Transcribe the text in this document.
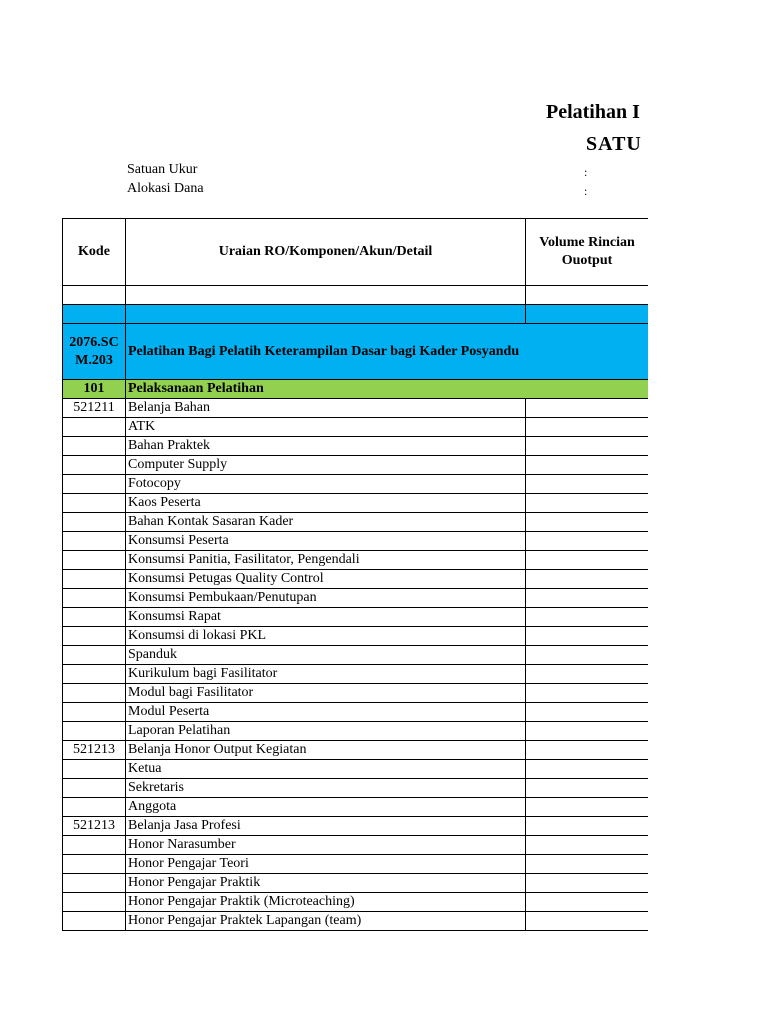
Pelatihan I
SATU
Satuan Ukur	:
Alokasi Dana	:
Kode	Uraian RO/Komponen/Akun/Detail	Volume Rincian Ouotput

2076.SC M.203	Pelatihan Bagi Pelatih Keterampilan Dasar bagi Kader Posyandu	
101	Pelaksanaan Pelatihan	
521211	Belanja Bahan	
	ATK	
	Bahan Praktek	
	Computer Supply	
	Fotocopy	
	Kaos Peserta	
	Bahan Kontak Sasaran Kader	
	Konsumsi Peserta	
	Konsumsi Panitia, Fasilitator, Pengendali	
	Konsumsi Petugas Quality Control	
	Konsumsi Pembukaan/Penutupan	
	Konsumsi Rapat	
	Konsumsi di lokasi PKL	
	Spanduk	
	Kurikulum bagi Fasilitator	
	Modul bagi Fasilitator	
	Modul Peserta	
	Laporan Pelatihan	
521213	Belanja Honor Output Kegiatan	
	Ketua	
	Sekretaris	
	Anggota	
521213	Belanja Jasa Profesi	
	Honor Narasumber	
	Honor Pengajar Teori	
	Honor Pengajar Praktik	
	Honor Pengajar Praktik (Microteaching)	
	Honor Pengajar Praktek Lapangan (team)	
